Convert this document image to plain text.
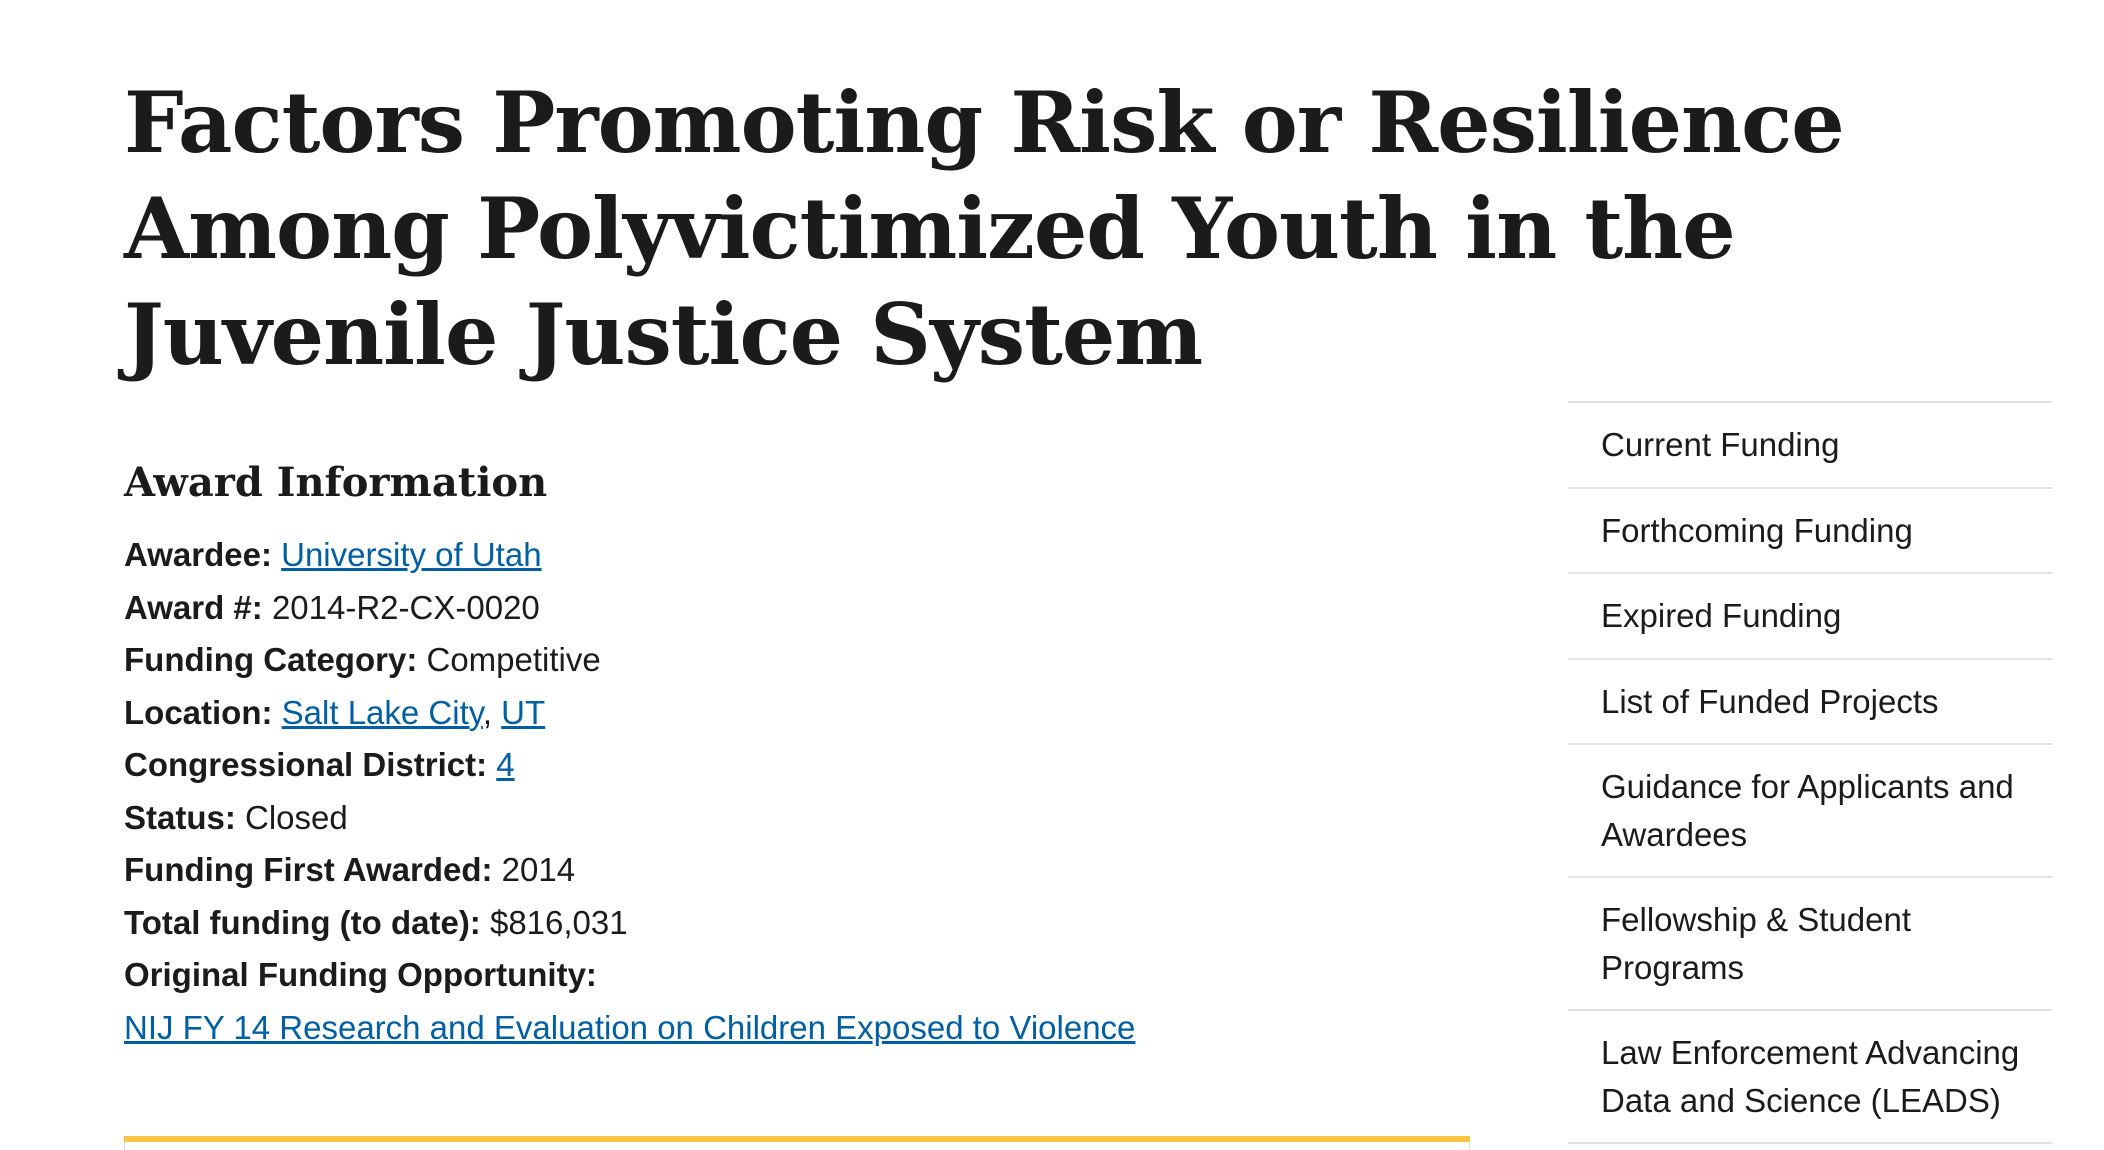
Factors Promoting Risk or Resilience Among Polyvictimized Youth in the Juvenile Justice System
Award Information
Awardee: University of Utah
Award #: 2014-R2-CX-0020
Funding Category: Competitive
Location: Salt Lake City, UT
Congressional District: 4
Status: Closed
Funding First Awarded: 2014
Total funding (to date): $816,031
Original Funding Opportunity:
NIJ FY 14 Research and Evaluation on Children Exposed to Violence
Current Funding
Forthcoming Funding
Expired Funding
List of Funded Projects
Guidance for Applicants and Awardees
Fellowship & Student Programs
Law Enforcement Advancing Data and Science (LEADS)
